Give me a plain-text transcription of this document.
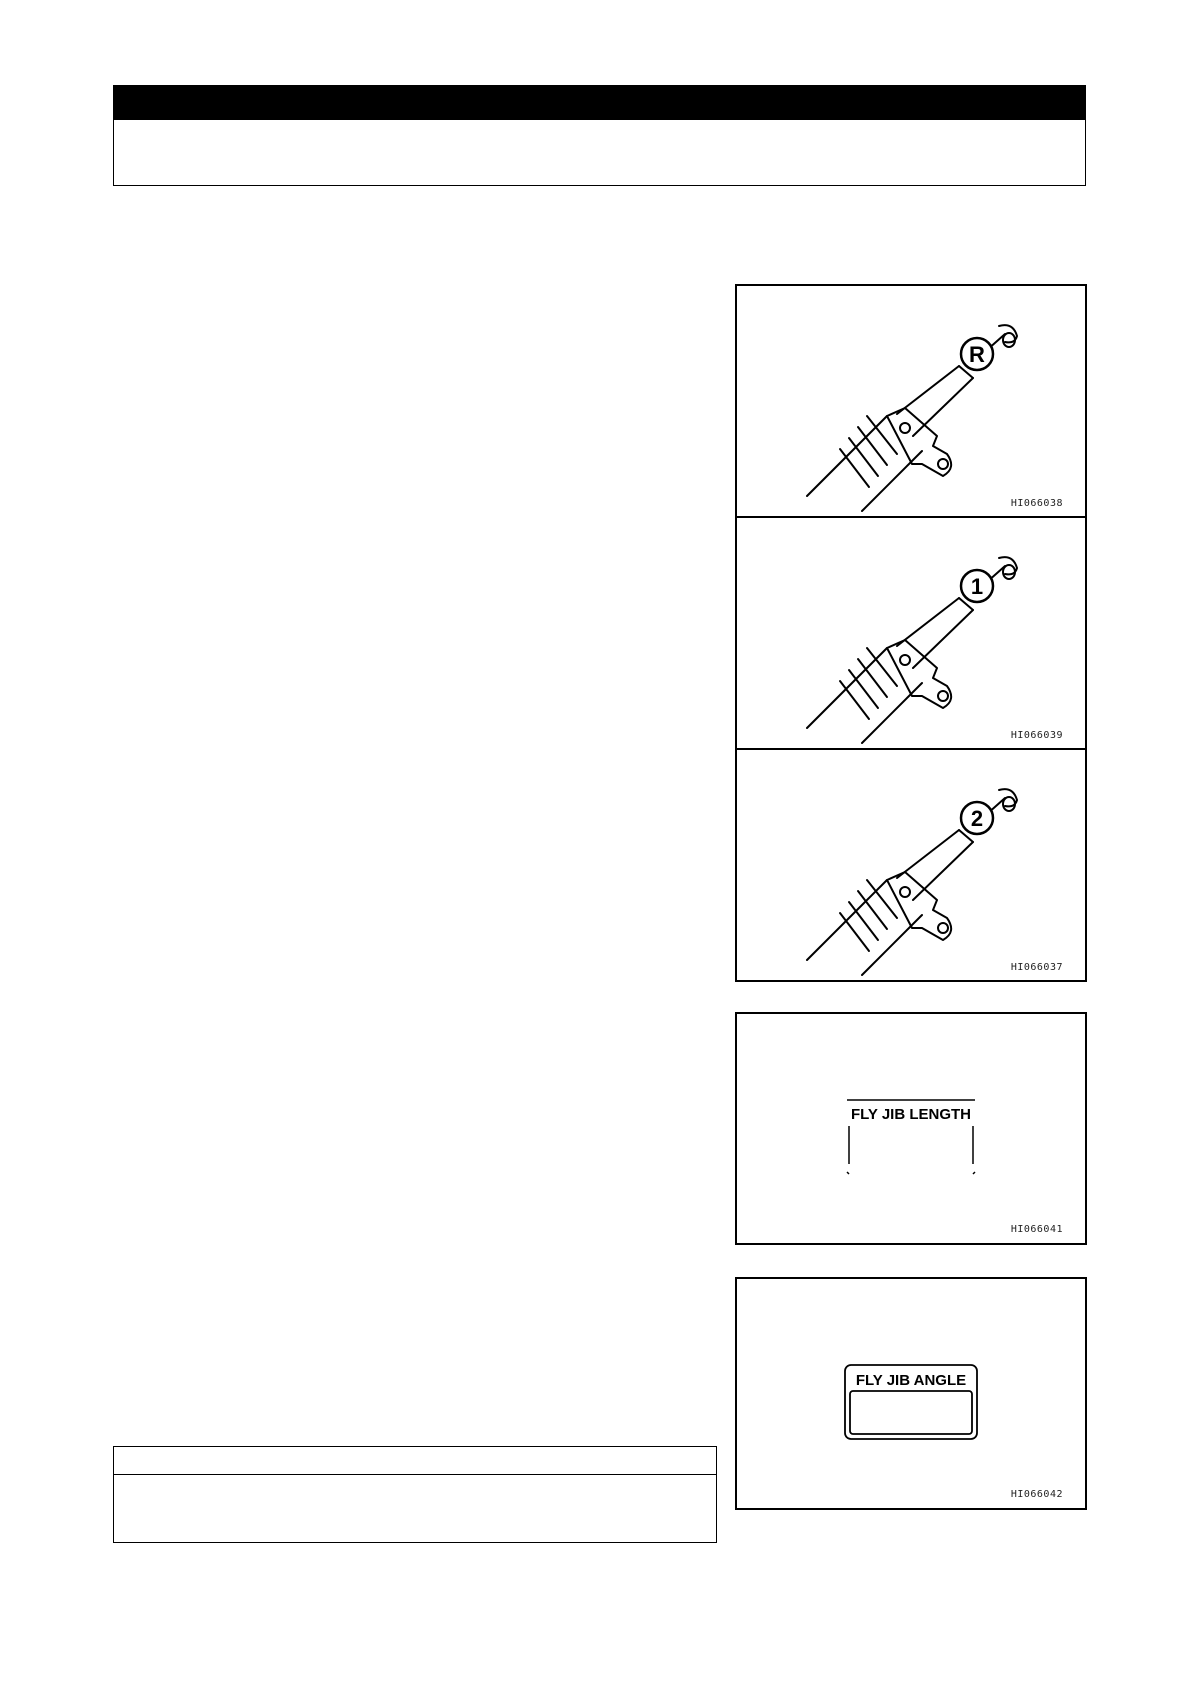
R
HI066038
1
HI066039
2
HI066037
FLY JIB LENGTH
HI066041
FLY JIB ANGLE
HI066042
